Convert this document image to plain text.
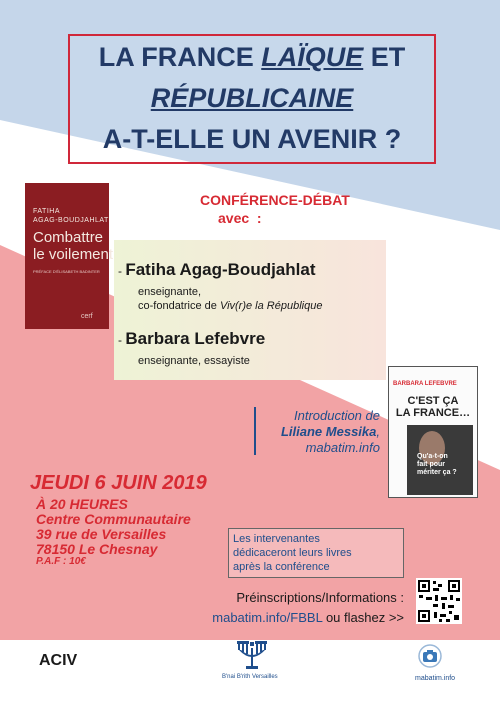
LA FRANCE LAÏQUE ET
RÉPUBLICAINE
A-T-ELLE UN AVENIR ?
CONFÉRENCE-DÉBAT
avec  :
FATIHA
AGAG-BOUDJAHLAT
Combattre
le voilement
PRÉFACE D'ÉLISABETH BADINTER
cerf
- Fatiha Agag-Boudjahlat
enseignante,
co-fondatrice de Viv(r)e la République
- Barbara Lefebvre
enseignante, essayiste
Introduction de
Liliane Messika,
mabatim.info
BARBARA LEFEBVRE
C'EST ÇA
LA FRANCE…
Qu'a-t-on
fait pour
mériter ça ?
JEUDI 6 JUIN 2019
À 20 HEURES
Centre Communautaire
39 rue de Versailles
78150 Le Chesnay
P.A.F : 10€
Les intervenantes
dédicaceront leurs livres
après la conférence
Préinscriptions/Informations :
mabatim.info/FBBL ou flashez >>
ACIV
B'nai B'rith Versailles	mabatim.info
